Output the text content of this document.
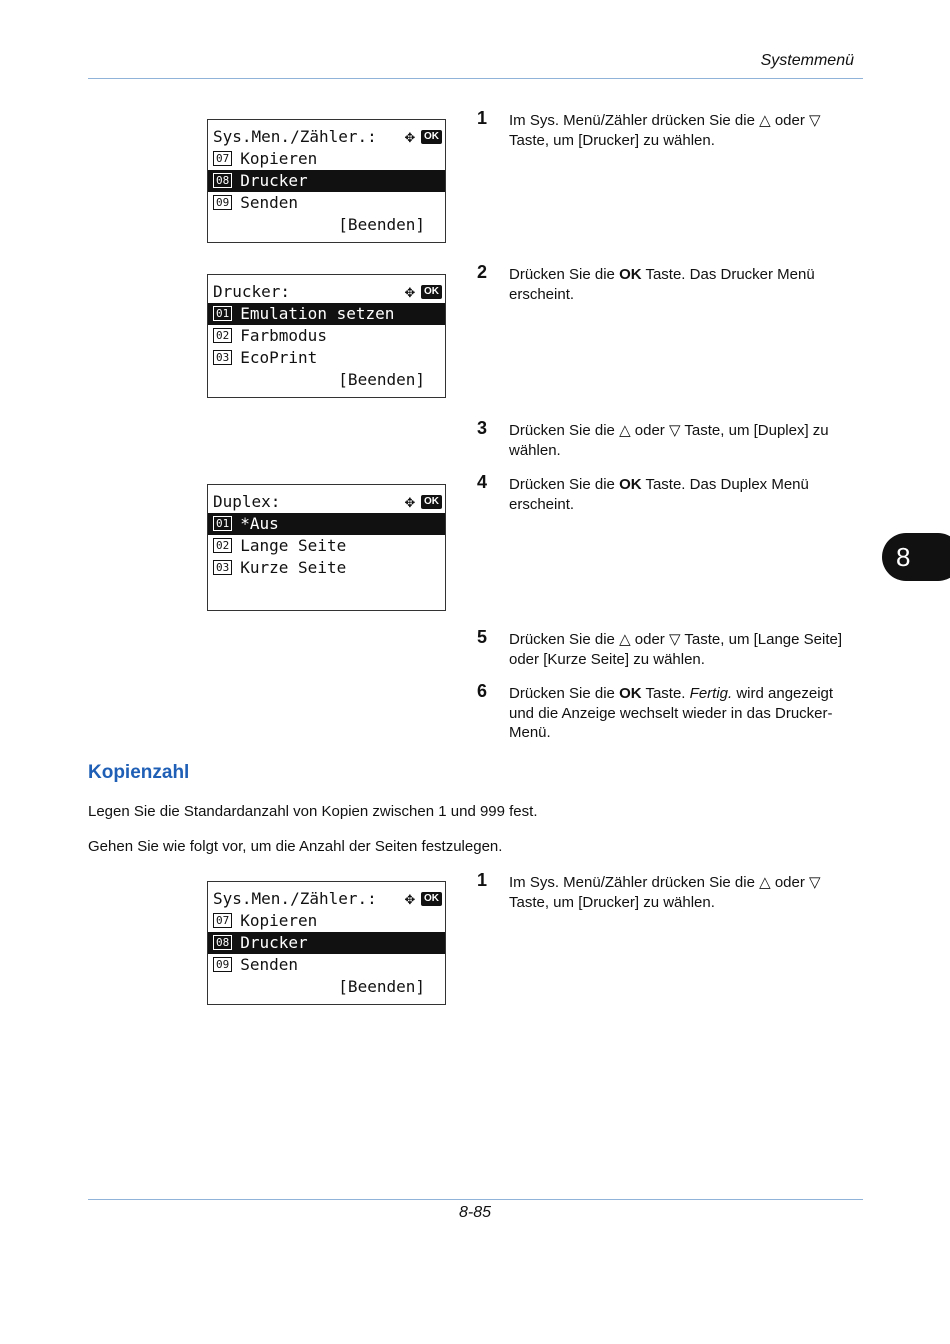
Systemmenü
Sys.Men./Zähler.: ✥ OK
07 Kopieren
08 Drucker
09 Senden
[Beenden]
Drucker:	✥ OK
01 Emulation setzen
02 Farbmodus
03 EcoPrint
[Beenden]
Duplex:	✥ OK
01 *Aus
02 Lange Seite
03 Kurze Seite
1 Im Sys. Menü/Zähler drücken Sie die △ oder ▽ Taste, um [Drucker] zu wählen.
2 Drücken Sie die OK Taste. Das Drucker Menü erscheint.
3 Drücken Sie die △ oder ▽ Taste, um [Duplex] zu wählen.
4 Drücken Sie die OK Taste. Das Duplex Menü erscheint.
5 Drücken Sie die △ oder ▽ Taste, um [Lange Seite] oder [Kurze Seite] zu wählen.
6 Drücken Sie die OK Taste. Fertig. wird angezeigt und die Anzeige wechselt wieder in das Drucker-Menü.
8
Kopienzahl

Legen Sie die Standardanzahl von Kopien zwischen 1 und 999 fest.

Gehen Sie wie folgt vor, um die Anzahl der Seiten festzulegen.

Sys.Men./Zähler.: ✥ OK
07 Kopieren
08 Drucker
09 Senden
[Beenden]
1 Im Sys. Menü/Zähler drücken Sie die △ oder ▽ Taste, um [Drucker] zu wählen.
8-85
